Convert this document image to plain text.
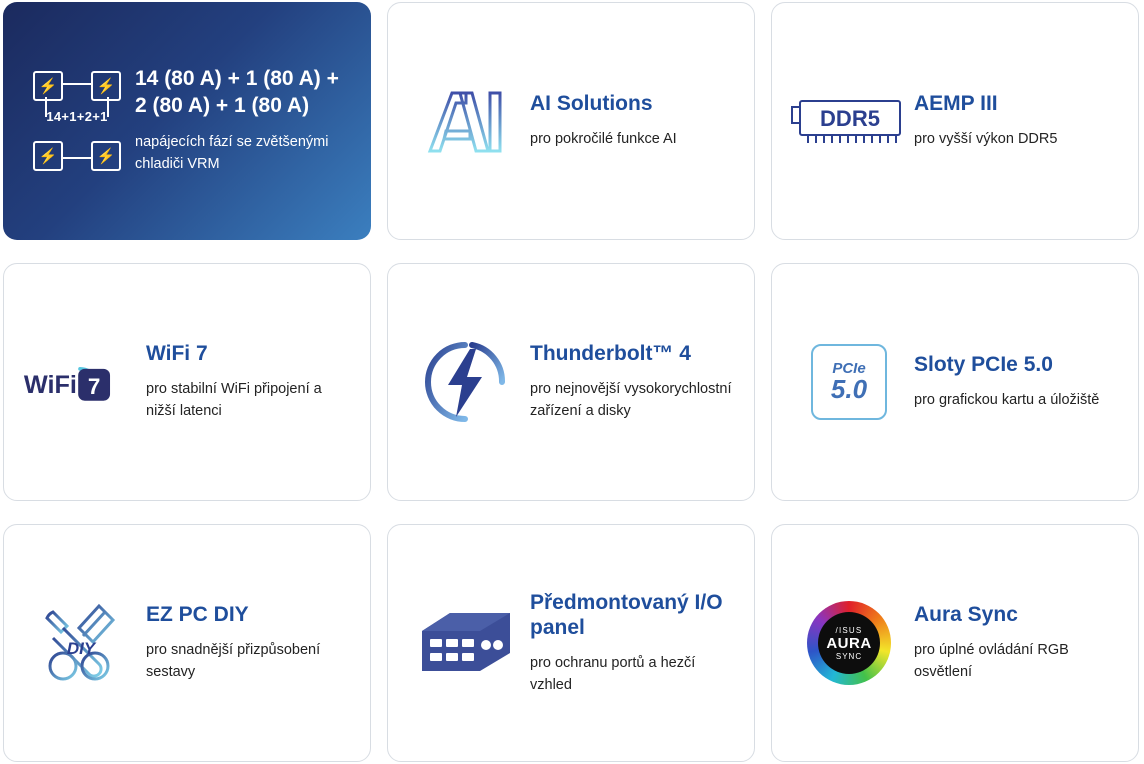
⚡	⚡
⚡	⚡
14+1+2+1

14 (80 A) + 1 (80 A) + 2 (80 A) + 1 (80 A)

napájecích fází se zvětšenými chladiči VRM

AI Solutions

pro pokročilé funkce AI

DDR5

AEMP III

pro vyšší výkon DDR5

WiFi 7

WiFi 7

pro stabilní WiFi připojení a nižší latenci

Thunderbolt™ 4

pro nejnovější vysokorychlostní zařízení a disky

PCIe
5.0

Sloty PCIe 5.0

pro grafickou kartu a úložiště

DIY

EZ PC DIY

pro snadnější přizpůsobení sestavy

Předmontovaný I/O panel

pro ochranu portů a hezčí vzhled

/ISUS
AURA
SYNC

Aura Sync

pro úplné ovládání RGB osvětlení
